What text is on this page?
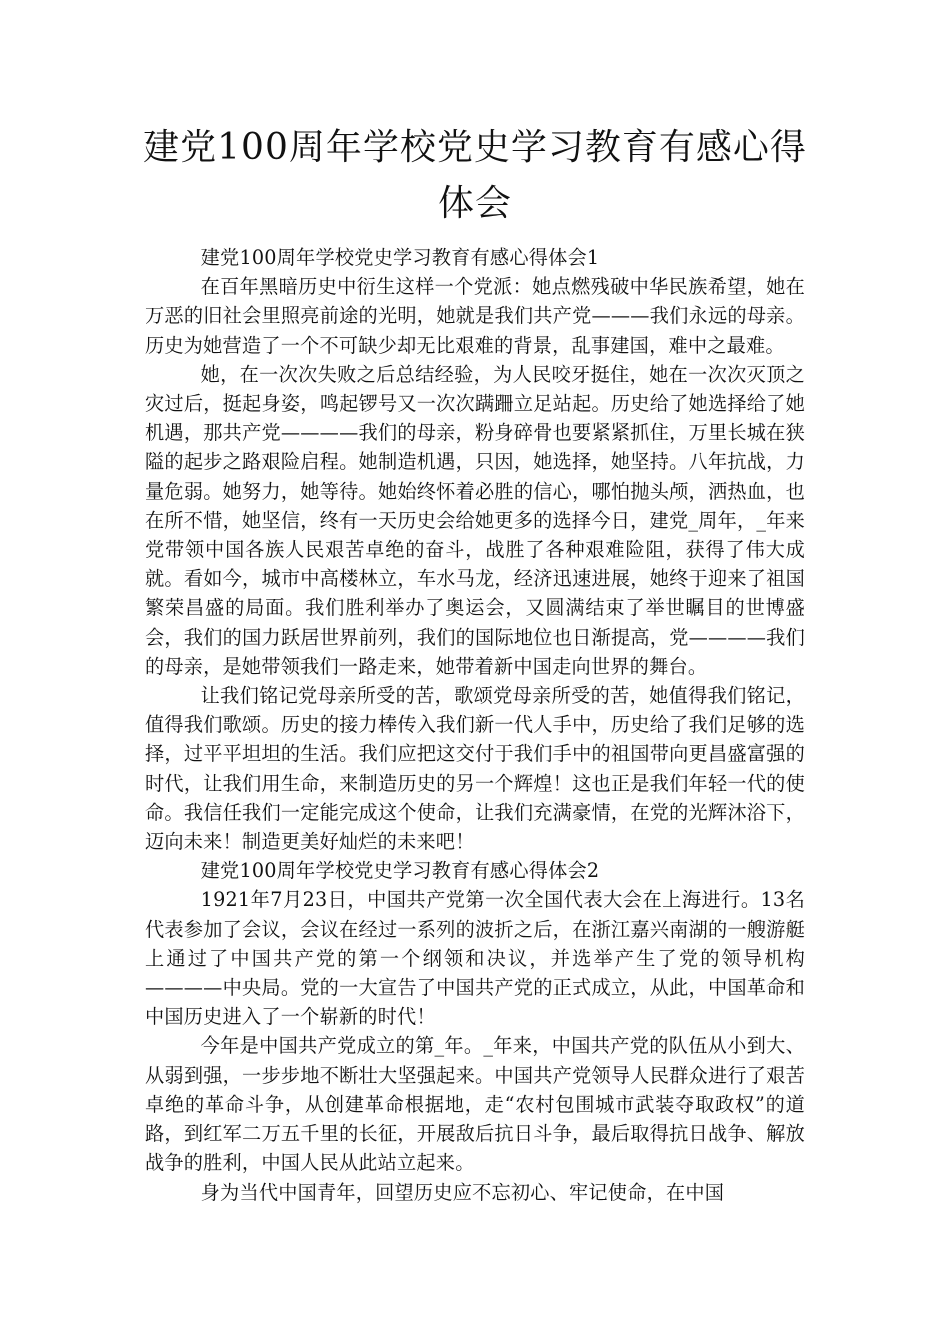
建党100周年学校党史学习教育有感心得体会

建党100周年学校党史学习教育有感心得体会1

在百年黑暗历史中衍生这样一个党派：她点燃残破中华民族希望，她在万恶的旧社会里照亮前途的光明，她就是我们共产党———我们永远的母亲。历史为她营造了一个不可缺少却无比艰难的背景，乱事建国，难中之最难。

她，在一次次失败之后总结经验，为人民咬牙挺住，她在一次次灭顶之灾过后，挺起身姿，鸣起锣号又一次次蹒跚立足站起。历史给了她选择给了她机遇，那共产党————我们的母亲，粉身碎骨也要紧紧抓住，万里长城在狭隘的起步之路艰险启程。她制造机遇，只因，她选择，她坚持。八年抗战，力量危弱。她努力，她等待。她始终怀着必胜的信心，哪怕抛头颅，洒热血，也在所不惜，她坚信，终有一天历史会给她更多的选择今日，建党_周年，_年来党带领中国各族人民艰苦卓绝的奋斗，战胜了各种艰难险阻，获得了伟大成就。看如今，城市中高楼林立，车水马龙，经济迅速进展，她终于迎来了祖国繁荣昌盛的局面。我们胜利举办了奥运会，又圆满结束了举世瞩目的世博盛会，我们的国力跃居世界前列，我们的国际地位也日渐提高，党————我们的母亲，是她带领我们一路走来，她带着新中国走向世界的舞台。

让我们铭记党母亲所受的苦，歌颂党母亲所受的苦，她值得我们铭记，值得我们歌颂。历史的接力棒传入我们新一代人手中，历史给了我们足够的选择，过平平坦坦的生活。我们应把这交付于我们手中的祖国带向更昌盛富强的时代，让我们用生命，来制造历史的另一个辉煌！这也正是我们年轻一代的使命。我信任我们一定能完成这个使命，让我们充满豪情，在党的光辉沐浴下，迈向未来！制造更美好灿烂的未来吧！

建党100周年学校党史学习教育有感心得体会2

1921年7月23日，中国共产党第一次全国代表大会在上海进行。13名代表参加了会议，会议在经过一系列的波折之后，在浙江嘉兴南湖的一艘游艇上通过了中国共产党的第一个纲领和决议，并选举产生了党的领导机构————中央局。党的一大宣告了中国共产党的正式成立，从此，中国革命和中国历史进入了一个崭新的时代！

今年是中国共产党成立的第_年。_年来，中国共产党的队伍从小到大、从弱到强，一步步地不断壮大坚强起来。中国共产党领导人民群众进行了艰苦卓绝的革命斗争，从创建革命根据地，走“农村包围城市武装夺取政权”的道路，到红军二万五千里的长征，开展敌后抗日斗争，最后取得抗日战争、解放战争的胜利，中国人民从此站立起来。

身为当代中国青年，回望历史应不忘初心、牢记使命，在中国
